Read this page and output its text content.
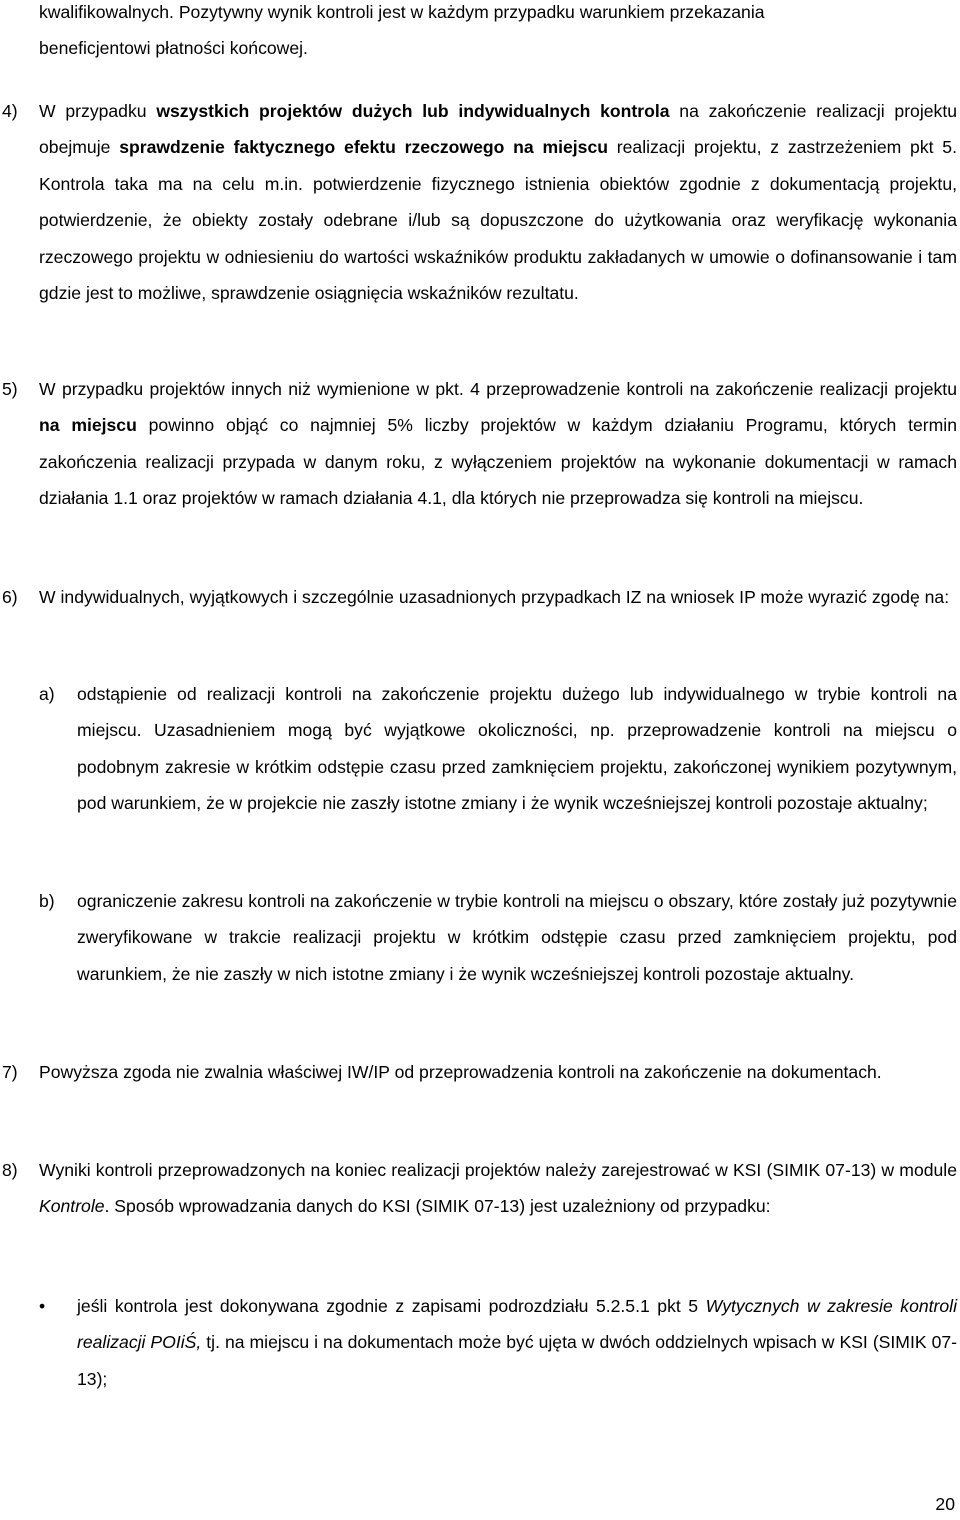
kwalifikowalnych. Pozytywny wynik kontroli jest w każdym przypadku warunkiem przekazania

beneficjentowi płatności końcowej.

4) W przypadku wszystkich projektów dużych lub indywidualnych kontrola na zakończenie realizacji projektu obejmuje sprawdzenie faktycznego efektu rzeczowego na miejscu realizacji projektu, z zastrzeżeniem pkt 5. Kontrola taka ma na celu m.in. potwierdzenie fizycznego istnienia obiektów zgodnie z dokumentacją projektu, potwierdzenie, że obiekty zostały odebrane i/lub są dopuszczone do użytkowania oraz weryfikację wykonania rzeczowego projektu w odniesieniu do wartości wskaźników produktu zakładanych w umowie o dofinansowanie i tam gdzie jest to możliwe, sprawdzenie osiągnięcia wskaźników rezultatu.

5) W przypadku projektów innych niż wymienione w pkt. 4 przeprowadzenie kontroli na zakończenie realizacji projektu na miejscu powinno objąć co najmniej 5% liczby projektów w każdym działaniu Programu, których termin zakończenia realizacji przypada w danym roku, z wyłączeniem projektów na wykonanie dokumentacji w ramach działania 1.1 oraz projektów w ramach działania 4.1, dla których nie przeprowadza się kontroli na miejscu.

6) W indywidualnych, wyjątkowych i szczególnie uzasadnionych przypadkach IZ na wniosek IP może wyrazić zgodę na:

a) odstąpienie od realizacji kontroli na zakończenie projektu dużego lub indywidualnego w trybie kontroli na miejscu. Uzasadnieniem mogą być wyjątkowe okoliczności, np. przeprowadzenie kontroli na miejscu o podobnym zakresie w krótkim odstępie czasu przed zamknięciem projektu, zakończonej wynikiem pozytywnym, pod warunkiem, że w projekcie nie zaszły istotne zmiany i że wynik wcześniejszej kontroli pozostaje aktualny;

b) ograniczenie zakresu kontroli na zakończenie w trybie kontroli na miejscu o obszary, które zostały już pozytywnie zweryfikowane w trakcie realizacji projektu w krótkim odstępie czasu przed zamknięciem projektu, pod warunkiem, że nie zaszły w nich istotne zmiany i że wynik wcześniejszej kontroli pozostaje aktualny.

7) Powyższa zgoda nie zwalnia właściwej IW/IP od przeprowadzenia kontroli na zakończenie na dokumentach.

8) Wyniki kontroli przeprowadzonych na koniec realizacji projektów należy zarejestrować w KSI (SIMIK 07-13) w module Kontrole. Sposób wprowadzania danych do KSI (SIMIK 07-13) jest uzależniony od przypadku:

• jeśli kontrola jest dokonywana zgodnie z zapisami podrozdziału 5.2.5.1 pkt 5 Wytycznych w zakresie kontroli realizacji POIiŚ, tj. na miejscu i na dokumentach może być ujęta w dwóch oddzielnych wpisach w KSI (SIMIK 07-13);

20
